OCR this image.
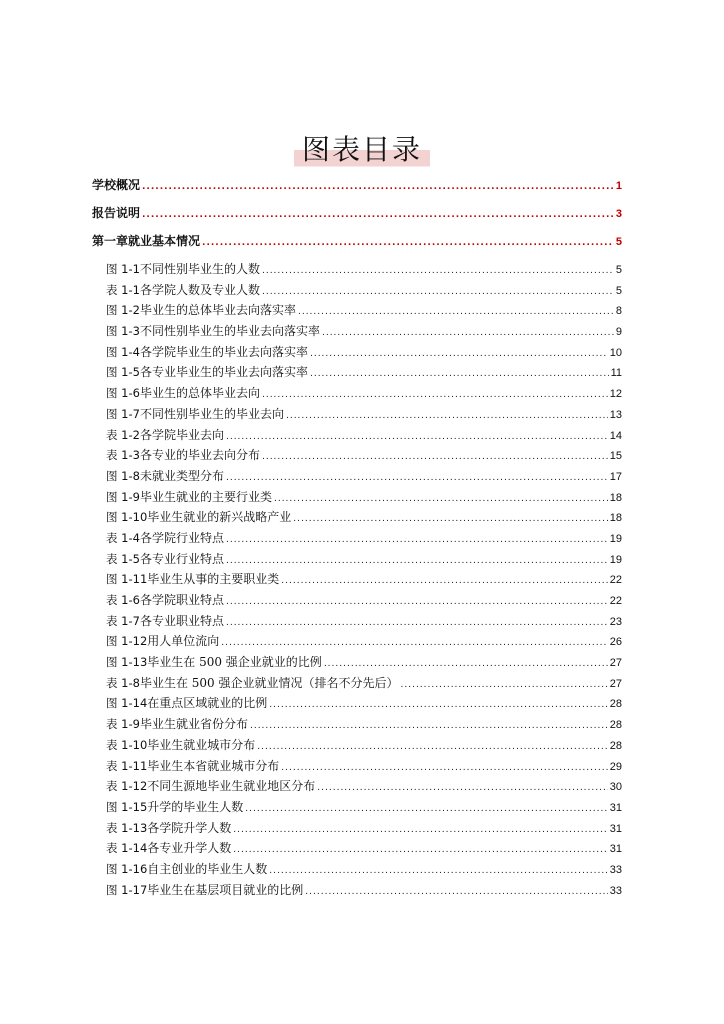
图表目录
学校概况 .....	1
报告说明 .....	3
第一章 就业基本情况 .....	5
图 1-1 不同性别毕业生的人数 .....	5
表 1-1 各学院人数及专业人数 .....	5
图 1-2 毕业生的总体毕业去向落实率 .....	8
图 1-3 不同性别毕业生的毕业去向落实率 .....	9
图 1-4 各学院毕业生的毕业去向落实率 .....	10
图 1-5 各专业毕业生的毕业去向落实率 .....	11
图 1-6 毕业生的总体毕业去向 .....	12
图 1-7 不同性别毕业生的毕业去向 .....	13
表 1-2 各学院毕业去向 .....	14
表 1-3 各专业的毕业去向分布 .....	15
图 1-8 未就业类型分布 .....	17
图 1-9 毕业生就业的主要行业类 .....	18
图 1-10 毕业生就业的新兴战略产业 .....	18
表 1-4 各学院行业特点 .....	19
表 1-5 各专业行业特点 .....	19
图 1-11 毕业生从事的主要职业类 .....	22
表 1-6 各学院职业特点 .....	22
表 1-7 各专业职业特点 .....	23
图 1-12 用人单位流向 .....	26
图 1-13 毕业生在 500 强企业就业的比例 .....	27
表 1-8 毕业生在 500 强企业就业情况（排名不分先后） .....	27
图 1-14 在重点区域就业的比例 .....	28
表 1-9 毕业生就业省份分布 .....	28
表 1-10 毕业生就业城市分布 .....	28
表 1-11 毕业生本省就业城市分布 .....	29
表 1-12 不同生源地毕业生就业地区分布 .....	30
图 1-15 升学的毕业生人数 .....	31
表 1-13 各学院升学人数 .....	31
表 1-14 各专业升学人数 .....	31
图 1-16 自主创业的毕业生人数 .....	33
图 1-17 毕业生在基层项目就业的比例 .....	33
